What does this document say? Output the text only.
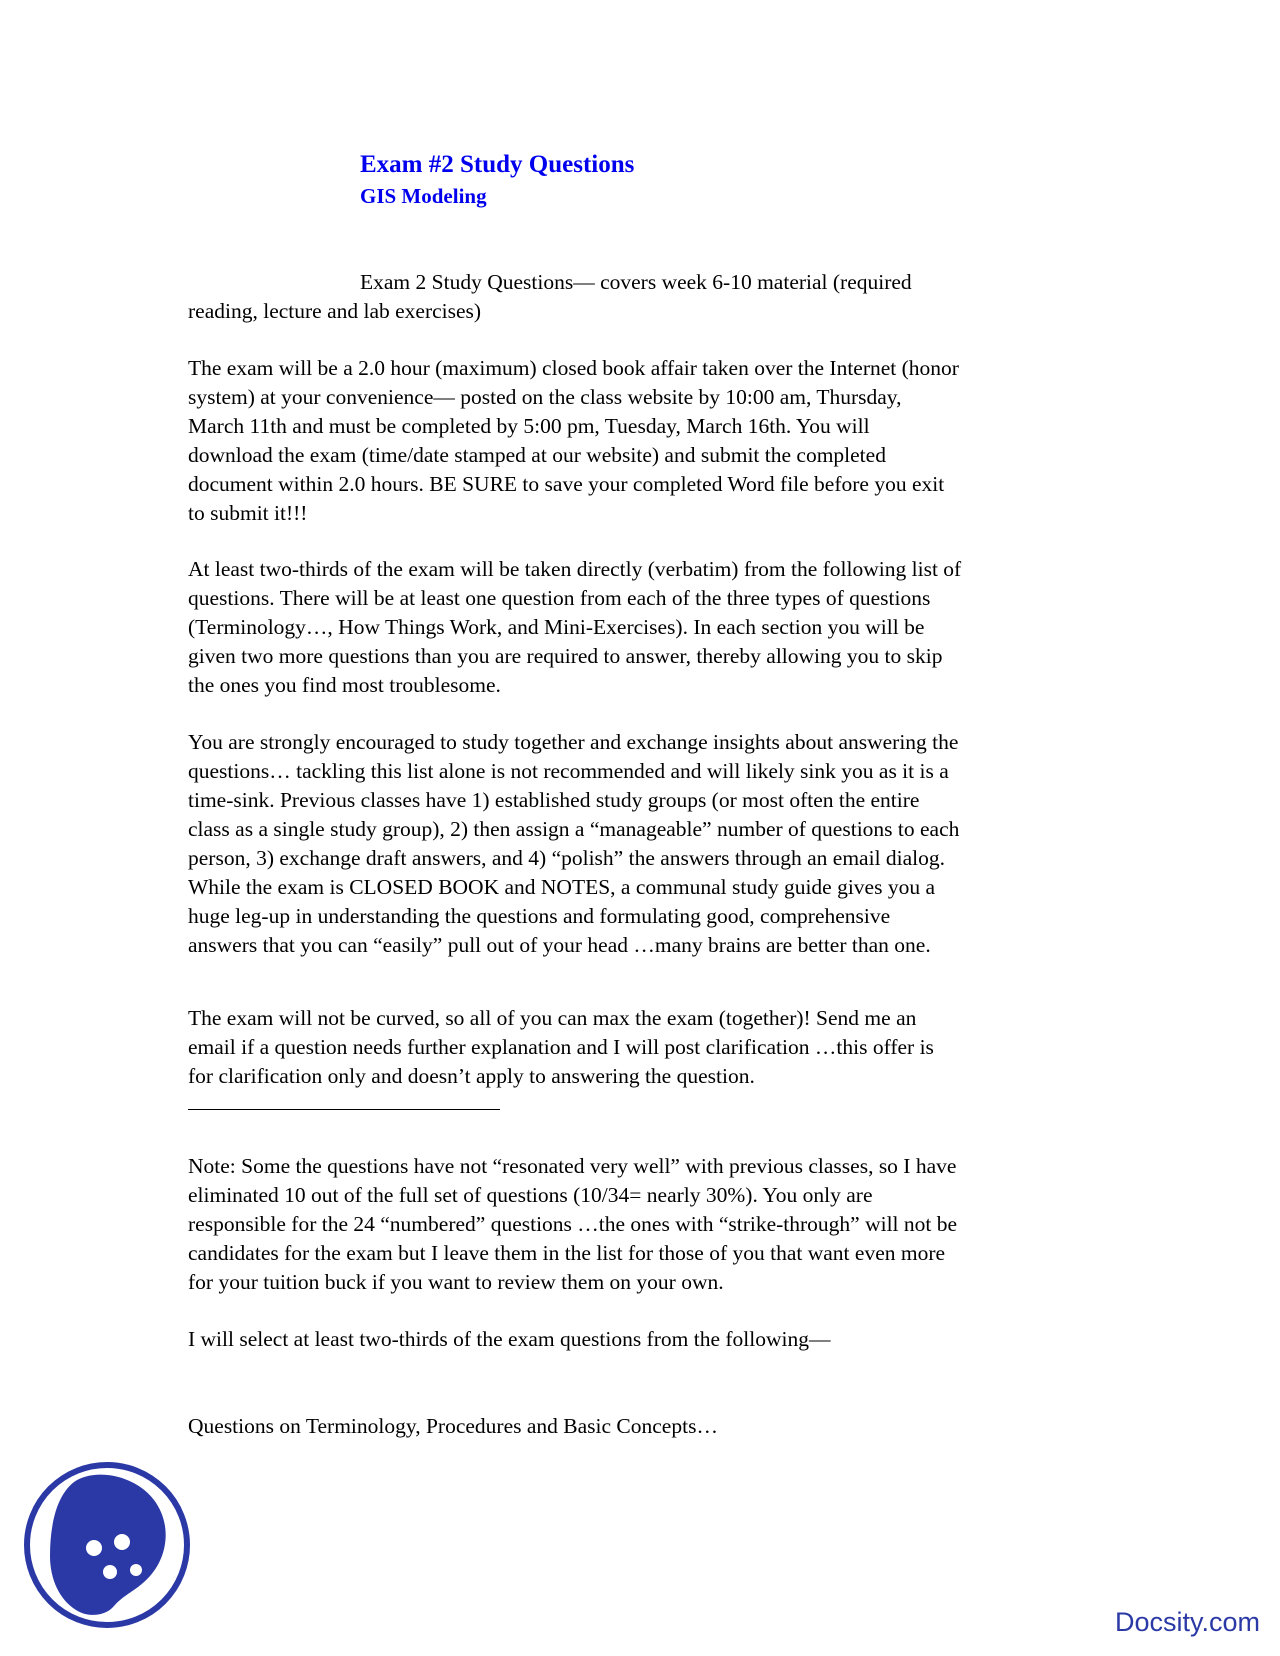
Exam #2 Study Questions
GIS Modeling
Exam 2 Study Questions— covers week 6-10 material (required
reading, lecture and lab exercises)
The exam will be a 2.0 hour (maximum) closed book affair taken over the Internet (honor
system) at your convenience— posted on the class website by 10:00 am, Thursday,
March 11th and must be completed by 5:00 pm, Tuesday, March 16th. You will
download the exam (time/date stamped at our website) and submit the completed
document within 2.0 hours. BE SURE to save your completed Word file before you exit
to submit it!!!
At least two-thirds of the exam will be taken directly (verbatim) from the following list of
questions. There will be at least one question from each of the three types of questions
(Terminology…, How Things Work, and Mini-Exercises). In each section you will be
given two more questions than you are required to answer, thereby allowing you to skip
the ones you find most troublesome.
You are strongly encouraged to study together and exchange insights about answering the
questions… tackling this list alone is not recommended and will likely sink you as it is a
time-sink. Previous classes have 1) established study groups (or most often the entire
class as a single study group), 2) then assign a “manageable” number of questions to each
person, 3) exchange draft answers, and 4) “polish” the answers through an email dialog.
While the exam is CLOSED BOOK and NOTES, a communal study guide gives you a
huge leg-up in understanding the questions and formulating good, comprehensive
answers that you can “easily” pull out of your head …many brains are better than one.
The exam will not be curved, so all of you can max the exam (together)! Send me an
email if a question needs further explanation and I will post clarification …this offer is
for clarification only and doesn’t apply to answering the question.
Note: Some the questions have not “resonated very well” with previous classes, so I have
eliminated 10 out of the full set of questions (10/34= nearly 30%). You only are
responsible for the 24 “numbered” questions …the ones with “strike-through” will not be
candidates for the exam but I leave them in the list for those of you that want even more
for your tuition buck if you want to review them on your own.
I will select at least two-thirds of the exam questions from the following—
Questions on Terminology, Procedures and Basic Concepts…
Docsity.com
